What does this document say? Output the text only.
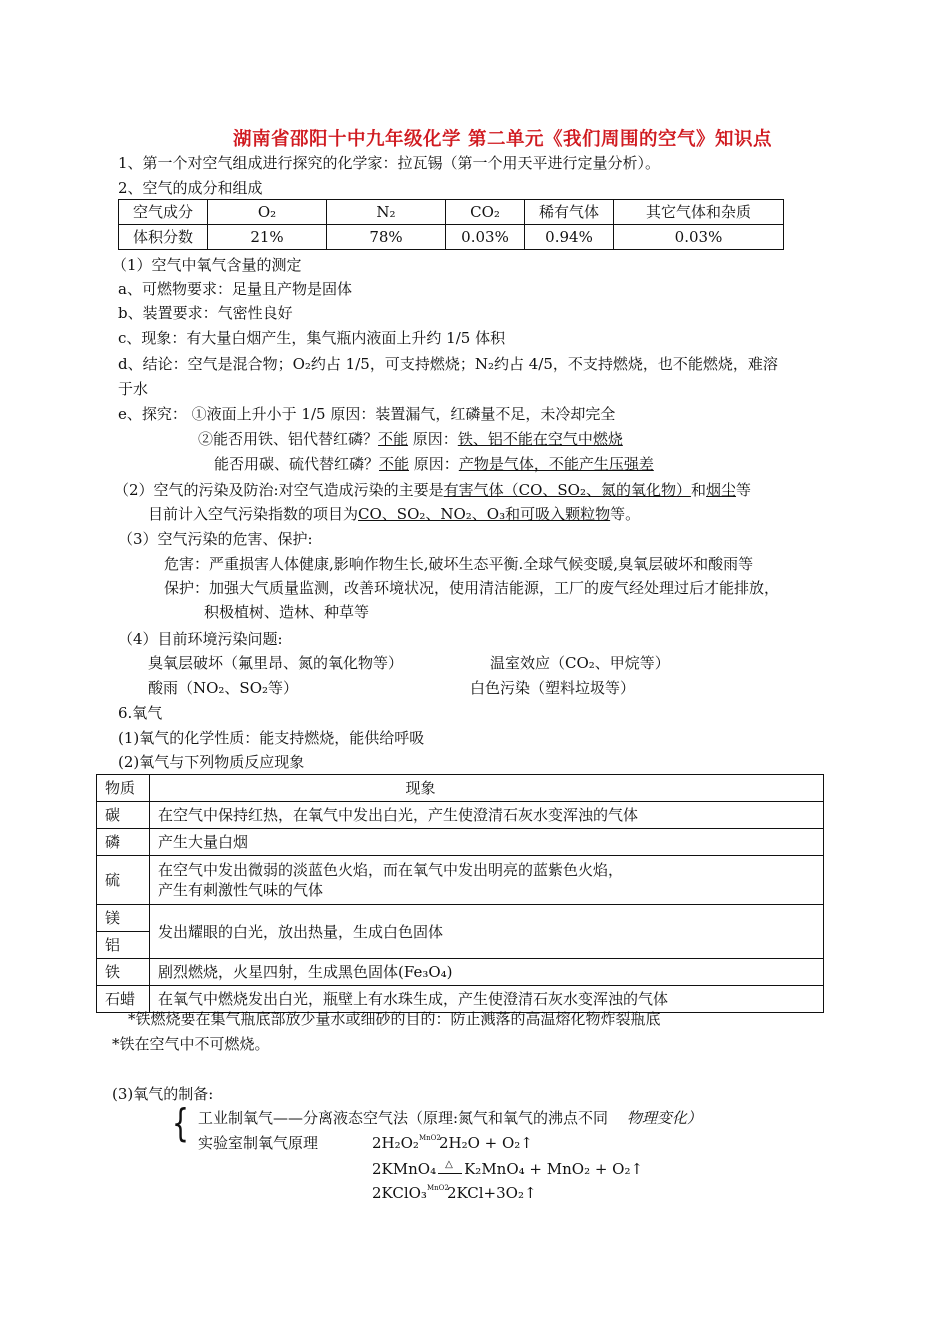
湖南省邵阳十中九年级化学 第二单元《我们周围的空气》知识点
1、第一个对空气组成进行探究的化学家：拉瓦锡（第一个用天平进行定量分析）。
2、空气的成分和组成
空气成分	O₂	N₂	CO₂	稀有气体	其它气体和杂质
体积分数	21%	78%	0.03%	0.94%	0.03%
（1）空气中氧气含量的测定
a、可燃物要求：足量且产物是固体
b、装置要求：气密性良好
c、现象：有大量白烟产生，集气瓶内液面上升约 1/5 体积
d、结论：空气是混合物；O₂约占 1/5，可支持燃烧；N₂约占 4/5，不支持燃烧，也不能燃烧，难溶
于水
e、探究： ①液面上升小于 1/5 原因：装置漏气，红磷量不足，未冷却完全
②能否用铁、铝代替红磷？不能 原因：铁、铝不能在空气中燃烧
能否用碳、硫代替红磷？不能 原因：产物是气体，不能产生压强差
（2）空气的污染及防治:对空气造成污染的主要是有害气体（CO、SO₂、氮的氧化物）和烟尘等
目前计入空气污染指数的项目为CO、SO₂、NO₂、O₃和可吸入颗粒物等。
（3）空气污染的危害、保护:
危害：严重损害人体健康,影响作物生长,破坏生态平衡.全球气候变暖,臭氧层破坏和酸雨等
保护：加强大气质量监测，改善环境状况，使用清洁能源，工厂的废气经处理过后才能排放，
积极植树、造林、种草等
（4）目前环境污染问题:
臭氧层破坏（氟里昂、氮的氧化物等）	温室效应（CO₂、甲烷等）
酸雨（NO₂、SO₂等）	白色污染（塑料垃圾等）
6.氧气
(1)氧气的化学性质：能支持燃烧，能供给呼吸
(2)氧气与下列物质反应现象
物质	现象
碳	在空气中保持红热，在氧气中发出白光，产生使澄清石灰水变浑浊的气体
磷	产生大量白烟
硫	在空气中发出微弱的淡蓝色火焰，而在氧气中发出明亮的蓝紫色火焰，
产生有刺激性气味的气体

镁	发出耀眼的白光，放出热量，生成白色固体
铝	
铁	剧烈燃烧，火星四射，生成黑色固体(Fe₃O₄)
石蜡	在氧气中燃烧发出白光，瓶壁上有水珠生成，产生使澄清石灰水变浑浊的气体
*铁燃烧要在集气瓶底部放少量水或细砂的目的：防止溅落的高温熔化物炸裂瓶底
*铁在空气中不可燃烧。
(3)氧气的制备:
{ 工业制氧气——分离液态空气法（原理:氮气和氧气的沸点不同 物理变化）
实验室制氧气原理	2H₂O₂ MnO2
2H₂O + O₂↑
2KMnO₄ △ K₂MnO₄ + MnO₂ + O₂↑
2KClO₃ MnO2
2KCl+3O₂↑
